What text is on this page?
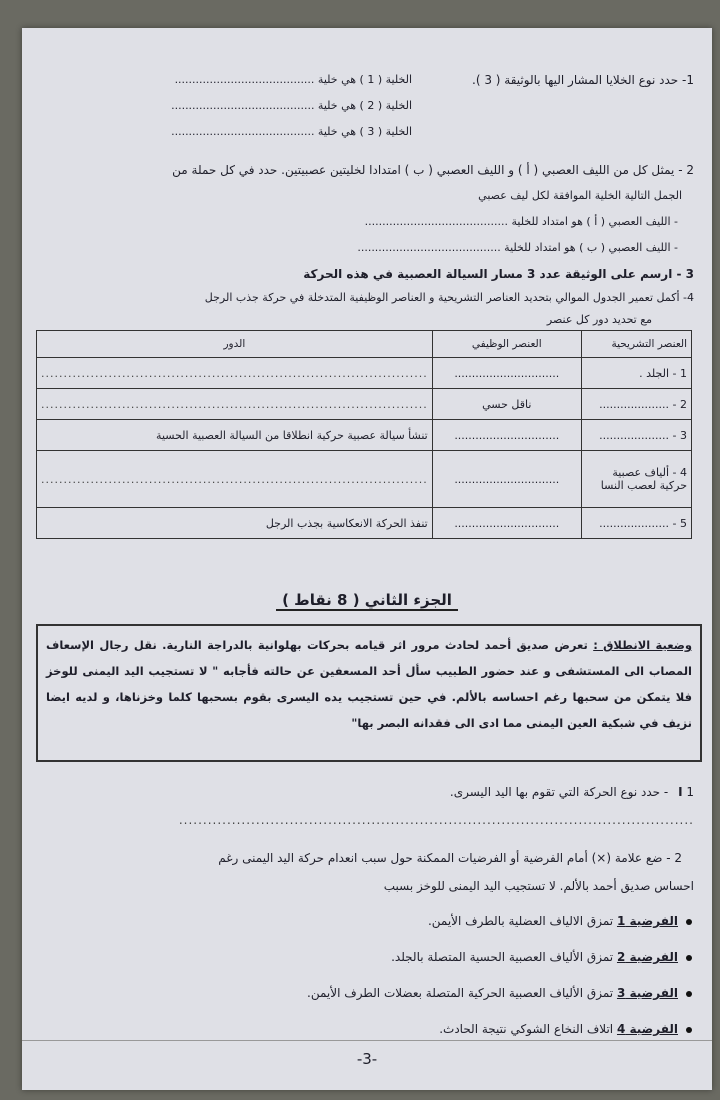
1- حدد نوع الخلايا المشار اليها بالوثيقة ( 3 ).
الخلية ( 1 ) هي خلية ........................................
الخلية ( 2 ) هي خلية .........................................
الخلية ( 3 ) هي خلية .........................................
2 - يمثل كل من الليف العصبي ( أ ) و الليف العصبي ( ب ) امتدادا لخليتين عصبيتين. حدد في كل حملة من
الجمل التالية الخلية الموافقة لكل ليف عصبي
- الليف العصبي ( أ ) هو امتداد للخلية .........................................
- الليف العصبي ( ب ) هو امتداد للخلية .........................................
3 - ارسم على الوثيقة عدد 3 مسار السيالة العصبية في هذه الحركة
4- أكمل تعمير الجدول الموالي بتحديد العناصر التشريحية و العناصر الوظيفية المتدخلة في حركة جذب الرجل
مع تحديد دور كل عنصر
العنصر التشريحية	العنصر الوظيفي	الدور
1 - الجلد .	..............................	......................................................................................
2 - ....................	ناقل حسي	......................................................................................
3 - ....................	..............................	تنشأ سيالة عصبية حركية انطلاقا من السيالة العصبية الحسية
4 - ألياف عصبية حركية لعصب النسا	..............................	......................................................................................
5 - ....................	..............................	تنفذ الحركة الانعكاسية بجذب الرجل
الجزء الثاني ( 8 نقاط )
وضعية الانطلاق : تعرض صديق أحمد لحادث مرور اثر قيامه بحركات بهلوانية بالدراجة النارية. نقل رجال الإسعاف المصاب الى المستشفى و عند حضور الطبيب سأل أحد المسعفين عن حالته فأجابه " لا تستجيب اليد اليمنى للوخز فلا يتمكن من سحبها رغم احساسه بالألم. في حين تستجيب يده اليسرى بقوم بسحبها كلما وخزناها، و لديه ايضا نزيف في شبكية العين اليمنى مما ادى الى فقدانه البصر بها"
I 1 - حدد نوع الحركة التي تقوم بها اليد اليسرى.
...........................................................................................................
2 - ضع علامة (×) أمام الفرضية أو الفرضيات الممكنة حول سبب انعدام حركة اليد اليمنى رغم
احساس صديق أحمد بالألم. لا تستجيب اليد اليمنى للوخز بسبب
الفرضية 1 تمزق الالياف العضلية بالطرف الأيمن.
الفرضية 2 تمزق الألياف العصبية الحسية المتصلة بالجلد.
الفرضية 3 تمزق الألياف العصبية الحركية المتصلة بعضلات الطرف الأيمن.
الفرضية 4 اتلاف النخاع الشوكي نتيجة الحادث.
-3-
